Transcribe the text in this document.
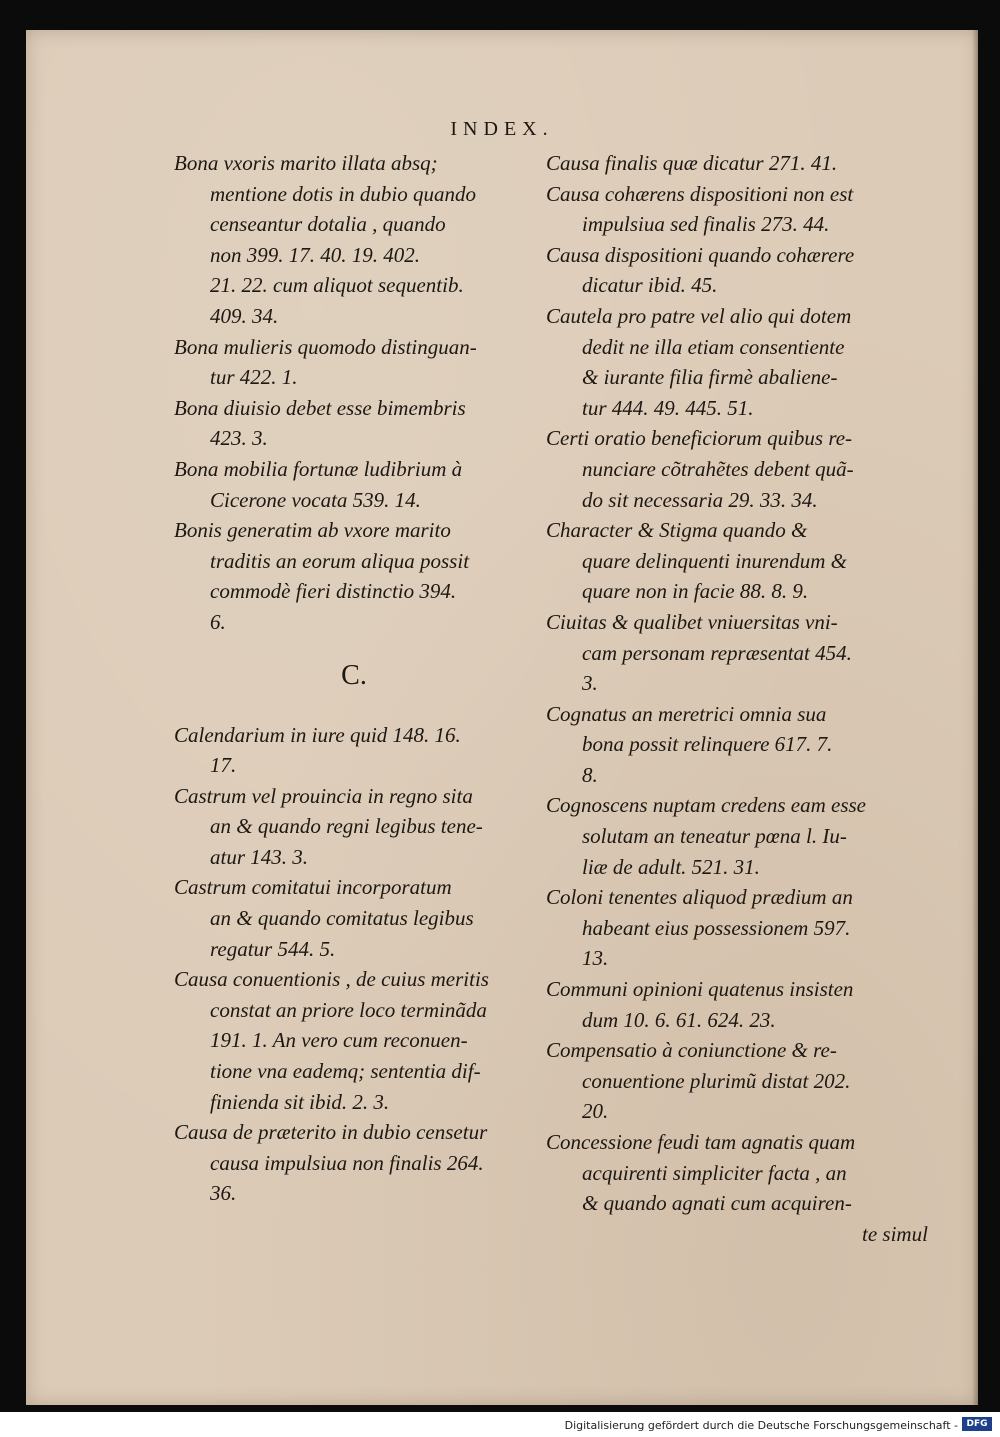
INDEX.
Bona vxoris marito illata absq;
mentione dotis in dubio quando
censeantur dotalia , quando
non 399. 17. 40. 19. 402.
21. 22. cum aliquot sequentib.
409. 34.
Bona mulieris quomodo distinguan-
tur 422. 1.
Bona diuisio debet esse bimembris
423. 3.
Bona mobilia fortunæ ludibrium à
Cicerone vocata 539. 14.
Bonis generatim ab vxore marito
traditis an eorum aliqua possit
commodè fieri distinctio 394.
6.
C.
Calendarium in iure quid 148. 16.
17.
Castrum vel prouincia in regno sita
an & quando regni legibus tene-
atur 143. 3.
Castrum comitatui incorporatum
an & quando comitatus legibus
regatur 544. 5.
Causa conuentionis , de cuius meritis
constat an priore loco terminãda
191. 1. An vero cum reconuen-
tione vna eademq; sententia dif-
finienda sit ibid. 2. 3.
Causa de præterito in dubio censetur
causa impulsiua non finalis 264.
36.
Causa finalis quæ dicatur 271. 41.
Causa cohærens dispositioni non est
impulsiua sed finalis 273. 44.
Causa dispositioni quando cohærere
dicatur ibid. 45.
Cautela pro patre vel alio qui dotem
dedit ne illa etiam consentiente
& iurante filia firmè abaliene-
tur 444. 49. 445. 51.
Certi oratio beneficiorum quibus re-
nunciare cõtrahẽtes debent quã-
do sit necessaria 29. 33. 34.
Character & Stigma quando &
quare delinquenti inurendum &
quare non in facie 88. 8. 9.
Ciuitas & qualibet vniuersitas vni-
cam personam repræsentat 454.
3.
Cognatus an meretrici omnia sua
bona possit relinquere 617. 7.
8.
Cognoscens nuptam credens eam esse
solutam an teneatur pœna l. Iu-
liæ de adult. 521. 31.
Coloni tenentes aliquod prædium an
habeant eius possessionem 597.
13.
Communi opinioni quatenus insisten
dum 10. 6. 61. 624. 23.
Compensatio à coniunctione & re-
conuentione plurimũ distat 202.
20.
Concessione feudi tam agnatis quam
acquirenti simpliciter facta , an
& quando agnati cum acquiren-
te simul
Digitalisierung gefördert durch die Deutsche Forschungsgemeinschaft - DFG
